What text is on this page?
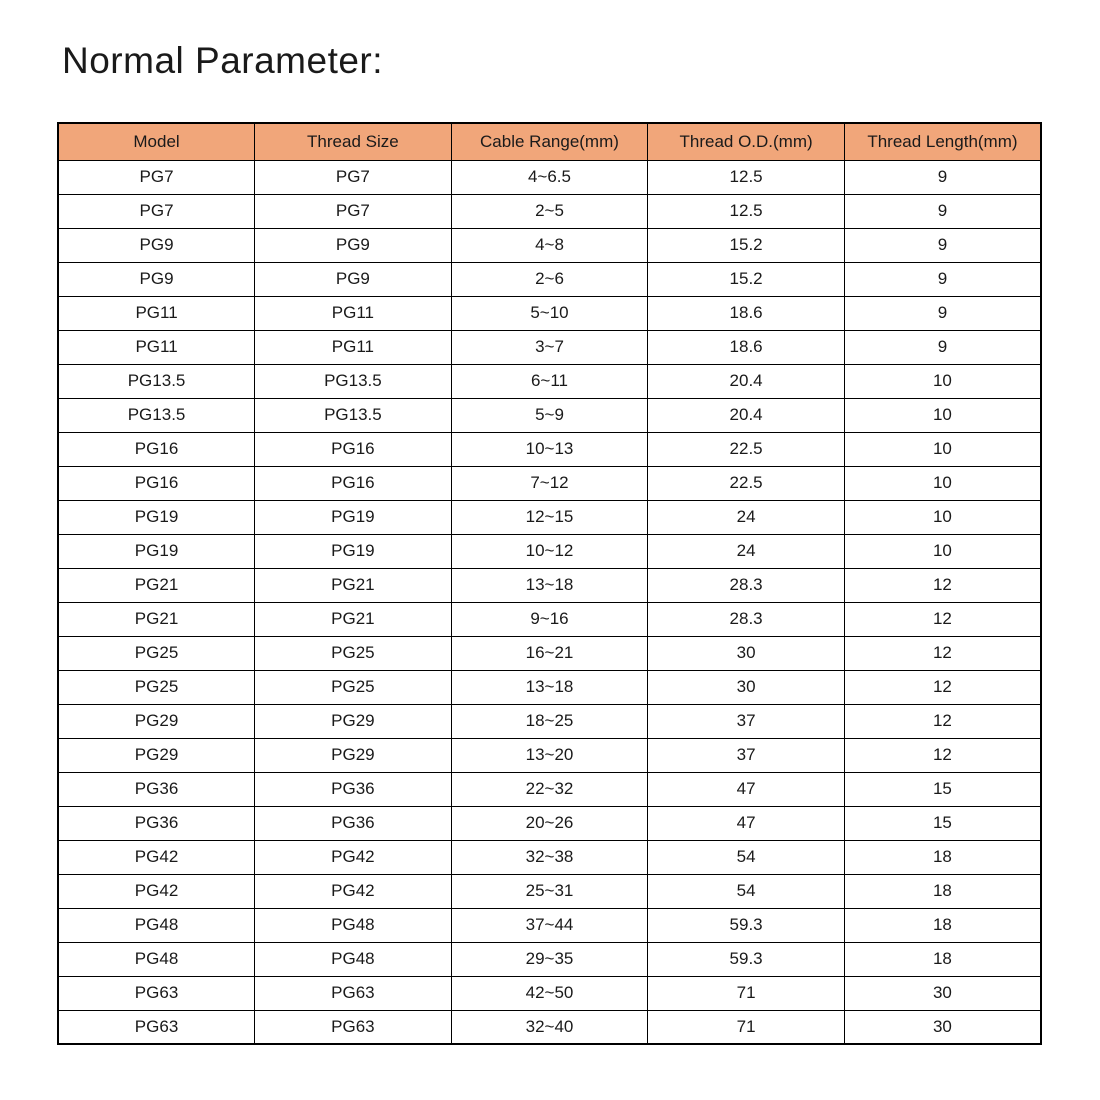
Normal Parameter:
Model	Thread Size	Cable Range(mm)	Thread O.D.(mm)	Thread Length(mm)
PG7	PG7	4~6.5	12.5	9
PG7	PG7	2~5	12.5	9
PG9	PG9	4~8	15.2	9
PG9	PG9	2~6	15.2	9
PG11	PG11	5~10	18.6	9
PG11	PG11	3~7	18.6	9
PG13.5	PG13.5	6~11	20.4	10
PG13.5	PG13.5	5~9	20.4	10
PG16	PG16	10~13	22.5	10
PG16	PG16	7~12	22.5	10
PG19	PG19	12~15	24	10
PG19	PG19	10~12	24	10
PG21	PG21	13~18	28.3	12
PG21	PG21	9~16	28.3	12
PG25	PG25	16~21	30	12
PG25	PG25	13~18	30	12
PG29	PG29	18~25	37	12
PG29	PG29	13~20	37	12
PG36	PG36	22~32	47	15
PG36	PG36	20~26	47	15
PG42	PG42	32~38	54	18
PG42	PG42	25~31	54	18
PG48	PG48	37~44	59.3	18
PG48	PG48	29~35	59.3	18
PG63	PG63	42~50	71	30
PG63	PG63	32~40	71	30
